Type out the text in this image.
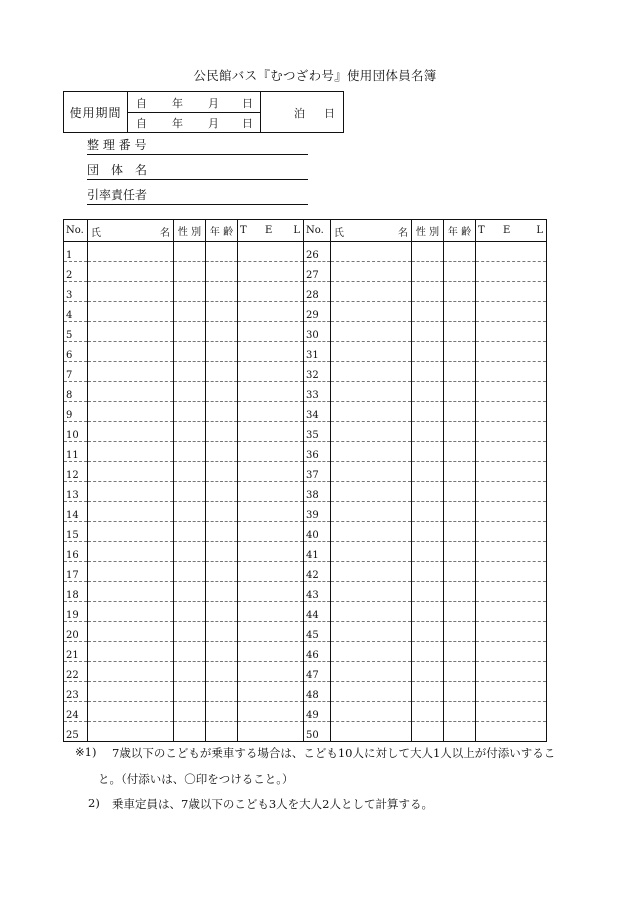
公民館バス『むつざわ号』使用団体員名簿
使用期間
自 年 月 日
自 年 月 日
泊 日
整 理 番 号
団　体　名
引率責任者
No.	氏 名	性 別	年 齢	T E L	No.	氏 名	性 別	年 齢	T E L

1					26				
2					27				
3					28				
4					29				
5					30				
6					31				
7					32				
8					33				
9					34				
10					35				
11					36				
12					37				
13					38				
14					39				
15					40				
16					41				
17					42				
18					43				
19					44				
20					45				
21					46				
22					47				
23					48				
24					49				
25					50				
※1) 7歳以下のこどもが乗車する場合は、こども10人に対して大人1人以上が付添いするこ
と。（付添いは、〇印をつけること。）
2) 乗車定員は、7歳以下のこども3人を大人2人として計算する。
